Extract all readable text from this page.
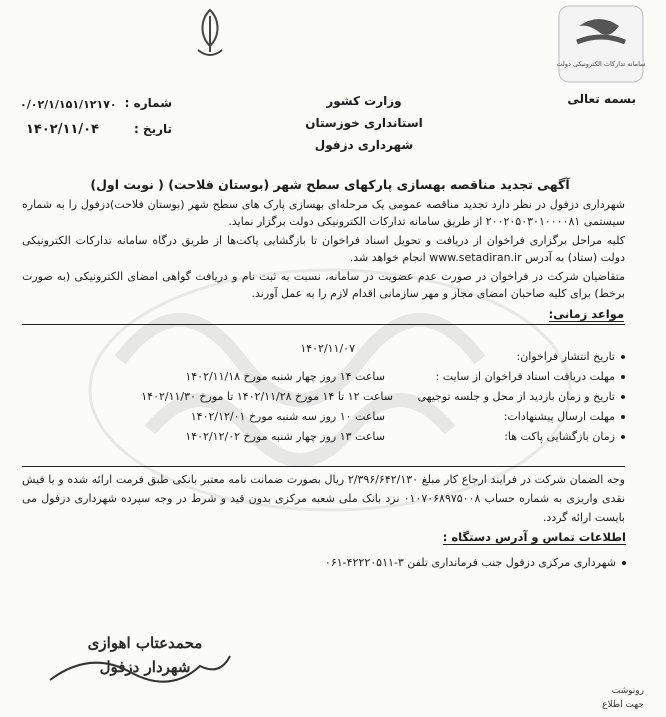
سامانه تدارکات الکترونیکی دولت
بسمه تعالی
وزارت کشور
استانداری خوزستان
شهرداری دزفول
شماره :
۰/۰۲/۱/۱۵۱/۱۲۱۷۰
تاریخ :
۱۴۰۲/۱۱/۰۴
آگهی تجدید مناقصه بهسازی پارکهای سطح شهر (بوستان فلاحت) ( نوبت اول)
شهرداری دزفول در نظر دارد تجدید مناقصه عمومی یک مرحله‌ای بهسازی پارک های سطح شهر (بوستان فلاحت)دزفول را به شماره سیستمی ۲۰۰۲۰۵۰۳۰۱۰۰۰۰۸۱ از طریق سامانه تدارکات الکترونیکی دولت برگزار نماید.
کلیه مراحل برگزاری فراخوان از دریافت و تحویل اسناد فراخوان تا بازگشایی پاکت‌ها از طریق درگاه سامانه تدارکات الکترونیکی دولت (ستاد) به آدرس www.setadiran.ir انجام خواهد شد.
متقاضیان شرکت در فراخوان در صورت عدم عضویت در سامانه، نسبت به ثبت نام و دریافت گواهی امضای الکترونیکی (به صورت برخط) برای کلیه صاحبان امضای مجاز و مهر سازمانی اقدام لازم را به عمل آورند.
مواعد زمانی:
تاریخ انتشار فراخوان:
۱۴۰۲/۱۱/۰۷
مهلت دریافت اسناد فراخوان از سایت :
ساعت ۱۴ روز چهار شنبه مورخ ۱۴۰۲/۱۱/۱۸
تاریخ و زمان بازدید از محل و جلسه توجیهی
ساعت ۱۲ تا ۱۴ مورخ ۱۴۰۲/۱۱/۲۸ تا مورخ ۱۴۰۲/۱۱/۳۰
مهلت ارسال پیشنهادات:
ساعت ۱۰ روز سه شنبه مورخ ۱۴۰۲/۱۲/۰۱
زمان بازگشایی پاکت ها:
ساعت ۱۳ روز چهار شنبه مورخ ۱۴۰۲/۱۲/۰۲
وجه الضمان شرکت در فرایند ارجاع کار مبلغ ۲/۳۹۶/۶۴۲/۱۳۰ ریال بصورت ضمانت نامه معتبر بانکی طبق فرمت ارائه شده و یا فیش نقدی واریزی به شماره حساب ۰۱۰۷۰۶۸۹۷۵۰۰۸ نزد بانک ملی شعبه مرکزی بدون قید و شرط در وجه سپرده شهرداری دزفول می بایست ارائه گردد.
اطلاعات تماس و آدرس دستگاه :
شهرداری مرکزی دزفول جنب فرمانداری تلفن ۳-۴۲۲۲۰۵۱۱-۰۶۱
محمدعتاب اهوازی
شهردار دزفول
رونوشت
جهت اطلاع
